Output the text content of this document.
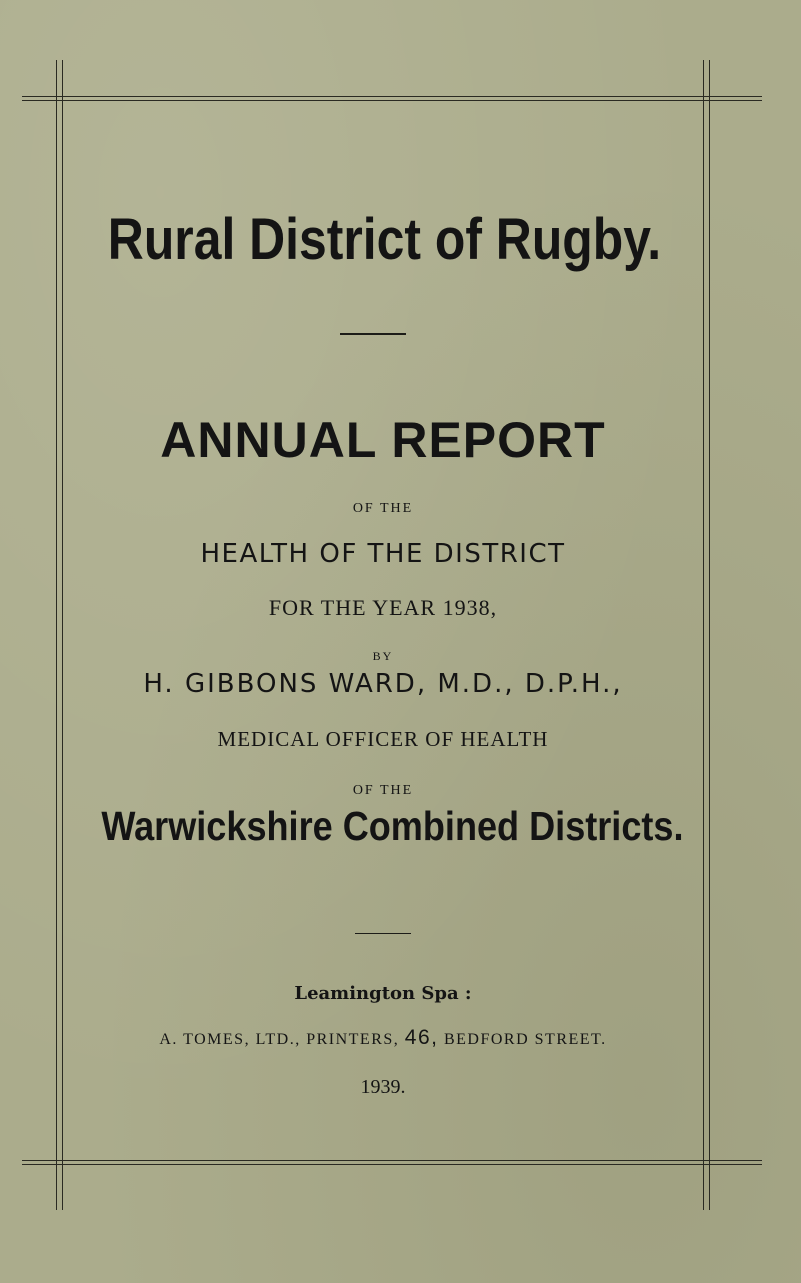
Rural District of Rugby.
ANNUAL REPORT
OF THE
HEALTH OF THE DISTRICT
FOR THE YEAR 1938,
BY
H. GIBBONS WARD, M.D., D.P.H.,
MEDICAL OFFICER OF HEALTH
OF THE
Warwickshire Combined Districts.
Leamington Spa :
A. TOMES, LTD., PRINTERS, 46, BEDFORD STREET.
1939.
